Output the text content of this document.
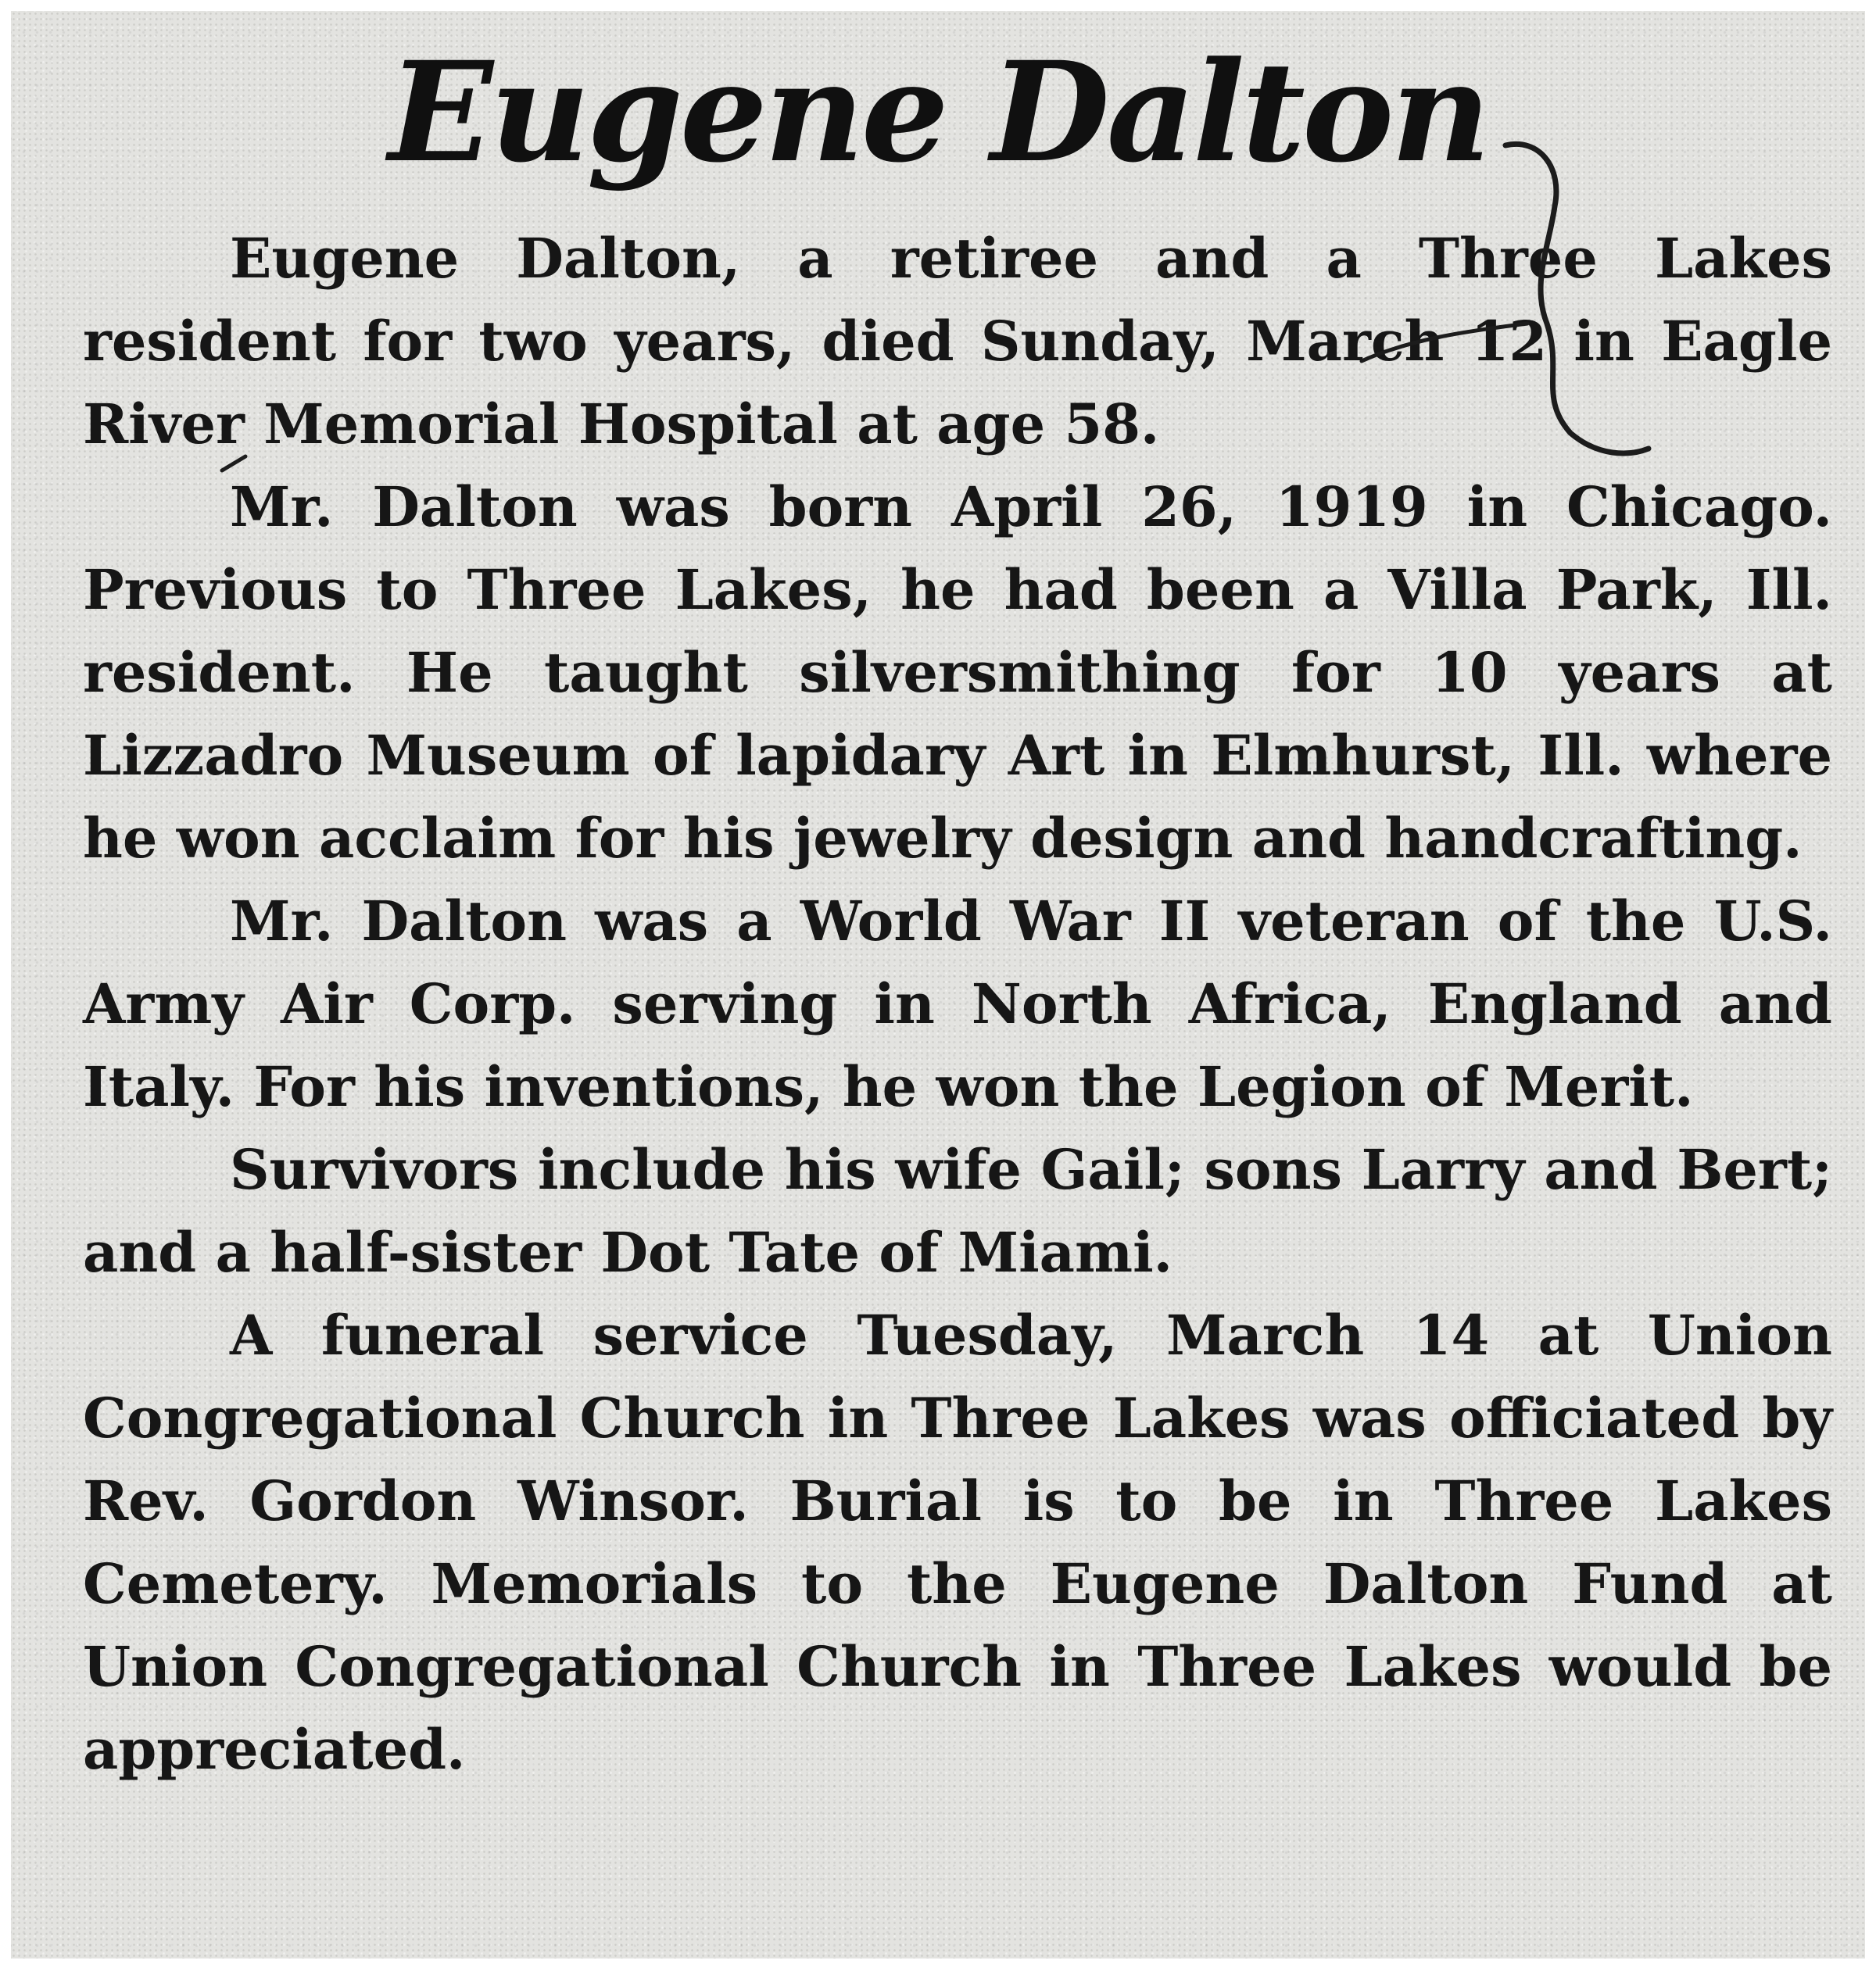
Eugene Dalton

Eugene Dalton, a retiree and a Three Lakes resident for two years, died Sunday, March 12 in Eagle River Memorial Hospital at age 58.

Mr. Dalton was born April 26, 1919 in Chicago. Previous to Three Lakes, he had been a Villa Park, Ill. resident. He taught silversmithing for 10 years at Lizzadro Museum of lapidary Art in Elmhurst, Ill. where he won acclaim for his jewelry design and handcrafting.

Mr. Dalton was a World War II veteran of the U.S. Army Air Corp. serving in North Africa, England and Italy. For his inventions, he won the Legion of Merit.

Survivors include his wife Gail; sons Larry and Bert; and a half-sister Dot Tate of Miami.

A funeral service Tuesday, March 14 at Union Congregational Church in Three Lakes was officiated by Rev. Gordon Winsor. Burial is to be in Three Lakes Cemetery. Memorials to the Eugene Dalton Fund at Union Congregational Church in Three Lakes would be appreciated.
